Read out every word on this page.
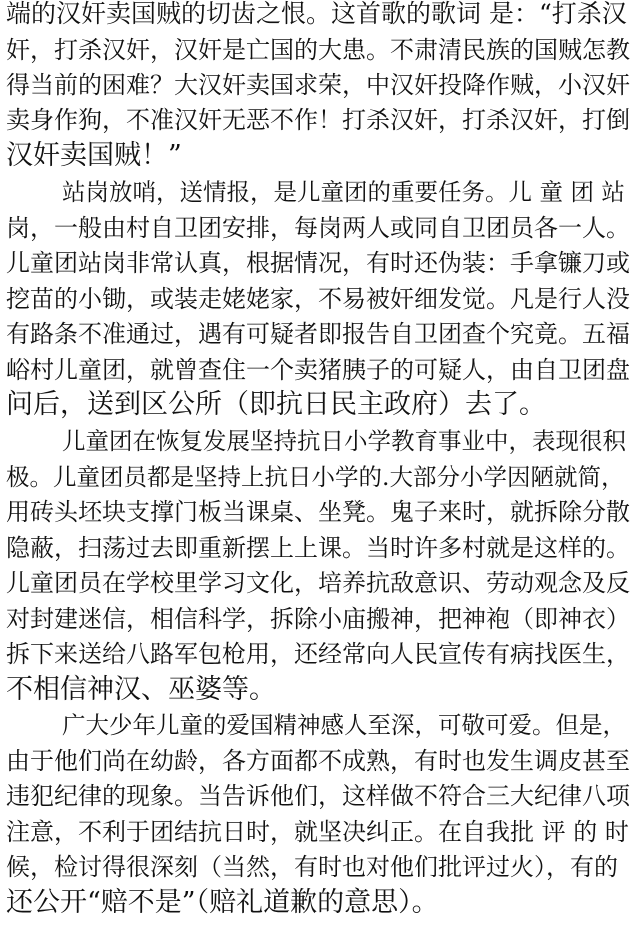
端的汉奸卖国贼的切齿之恨。这首歌的歌词 是：“打杀汉
奸，打杀汉奸，汉奸是亡国的大患。不肃清民族的国贼怎教
得当前的困难？大汉奸卖国求荣，中汉奸投降作贼，小汉奸
卖身作狗，不准汉奸无恶不作！打杀汉奸，打杀汉奸，打倒
汉奸卖国贼！”
站岗放哨，送情报，是儿童团的重要任务。儿 童 团 站
岗，一般由村自卫团安排，每岗两人或同自卫团员各一人。
儿童团站岗非常认真，根据情况，有时还伪装：手拿镰刀或
挖苗的小锄，或装走姥姥家，不易被奸细发觉。凡是行人没
有路条不准通过，遇有可疑者即报告自卫团查个究竟。五福
峪村儿童团，就曾查住一个卖猪胰子的可疑人，由自卫团盘
问后，送到区公所（即抗日民主政府）去了。
儿童团在恢复发展坚持抗日小学教育事业中，表现很积
极。儿童团员都是坚持上抗日小学的.大部分小学因陋就简，
用砖头坯块支撑门板当课桌、坐凳。鬼子来时，就拆除分散
隐蔽，扫荡过去即重新摆上上课。当时许多村就是这样的。
儿童团员在学校里学习文化，培养抗敌意识、劳动观念及反
对封建迷信，相信科学，拆除小庙搬神，把神袍（即神衣）
拆下来送给八路军包枪用，还经常向人民宣传有病找医生，
不相信神汉、巫婆等。
广大少年儿童的爱国精神感人至深，可敬可爱。但是，
由于他们尚在幼龄，各方面都不成熟，有时也发生调皮甚至
违犯纪律的现象。当告诉他们，这样做不符合三大纪律八项
注意，不利于团结抗日时，就坚决纠正。在自我批 评 的 时
候，检讨得很深刻（当然，有时也对他们批评过火），有的
还公开“赔不是”（赔礼道歉的意思）。
